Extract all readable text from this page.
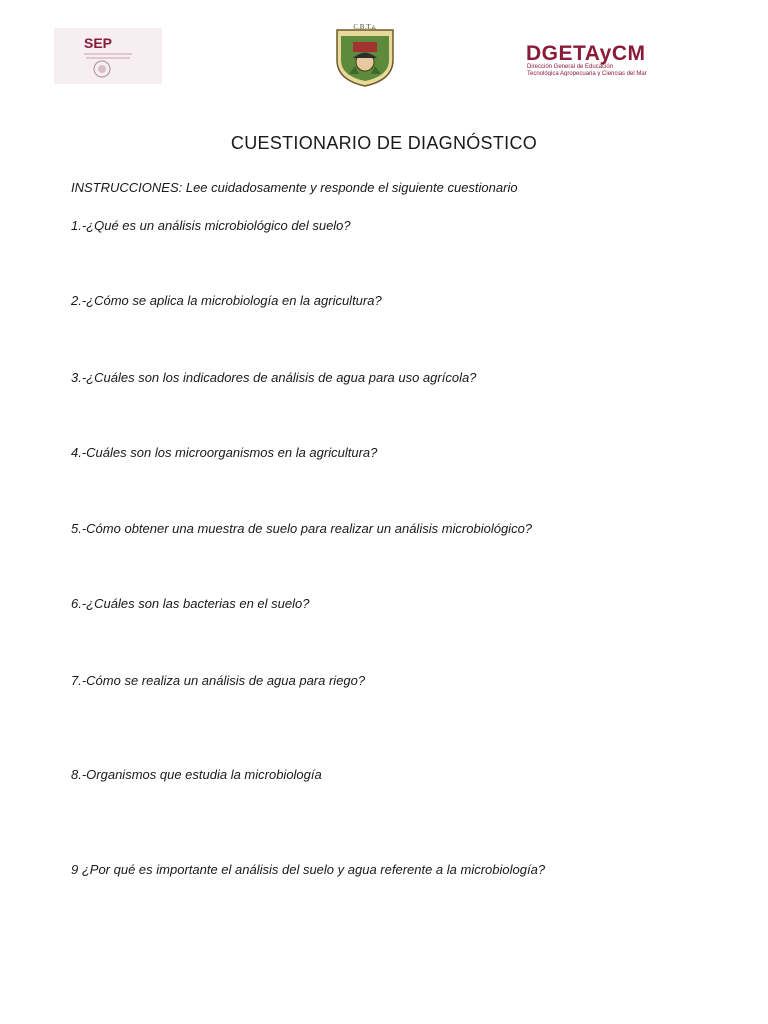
SEP
C.B.T.a.
DGETAyCM
Dirección General de Educación
Tecnológica Agropecuaria y Ciencias del Mar
CUESTIONARIO DE DIAGNÓSTICO
INSTRUCCIONES: Lee cuidadosamente y responde el siguiente cuestionario
1.-¿Qué es un análisis microbiológico del suelo?
2.-¿Cómo se aplica la microbiología en la agricultura?
3.-¿Cuáles son los indicadores de análisis de agua para uso agrícola?
4.-Cuáles son los microorganismos en la agricultura?
5.-Cómo obtener una muestra de suelo para realizar un análisis microbiológico?
6.-¿Cuáles son las bacterias en el suelo?
7.-Cómo se realiza un análisis de agua para riego?
8.-Organismos que estudia la microbiología
9 ¿Por qué es importante el análisis del suelo y agua referente a la microbiología?
